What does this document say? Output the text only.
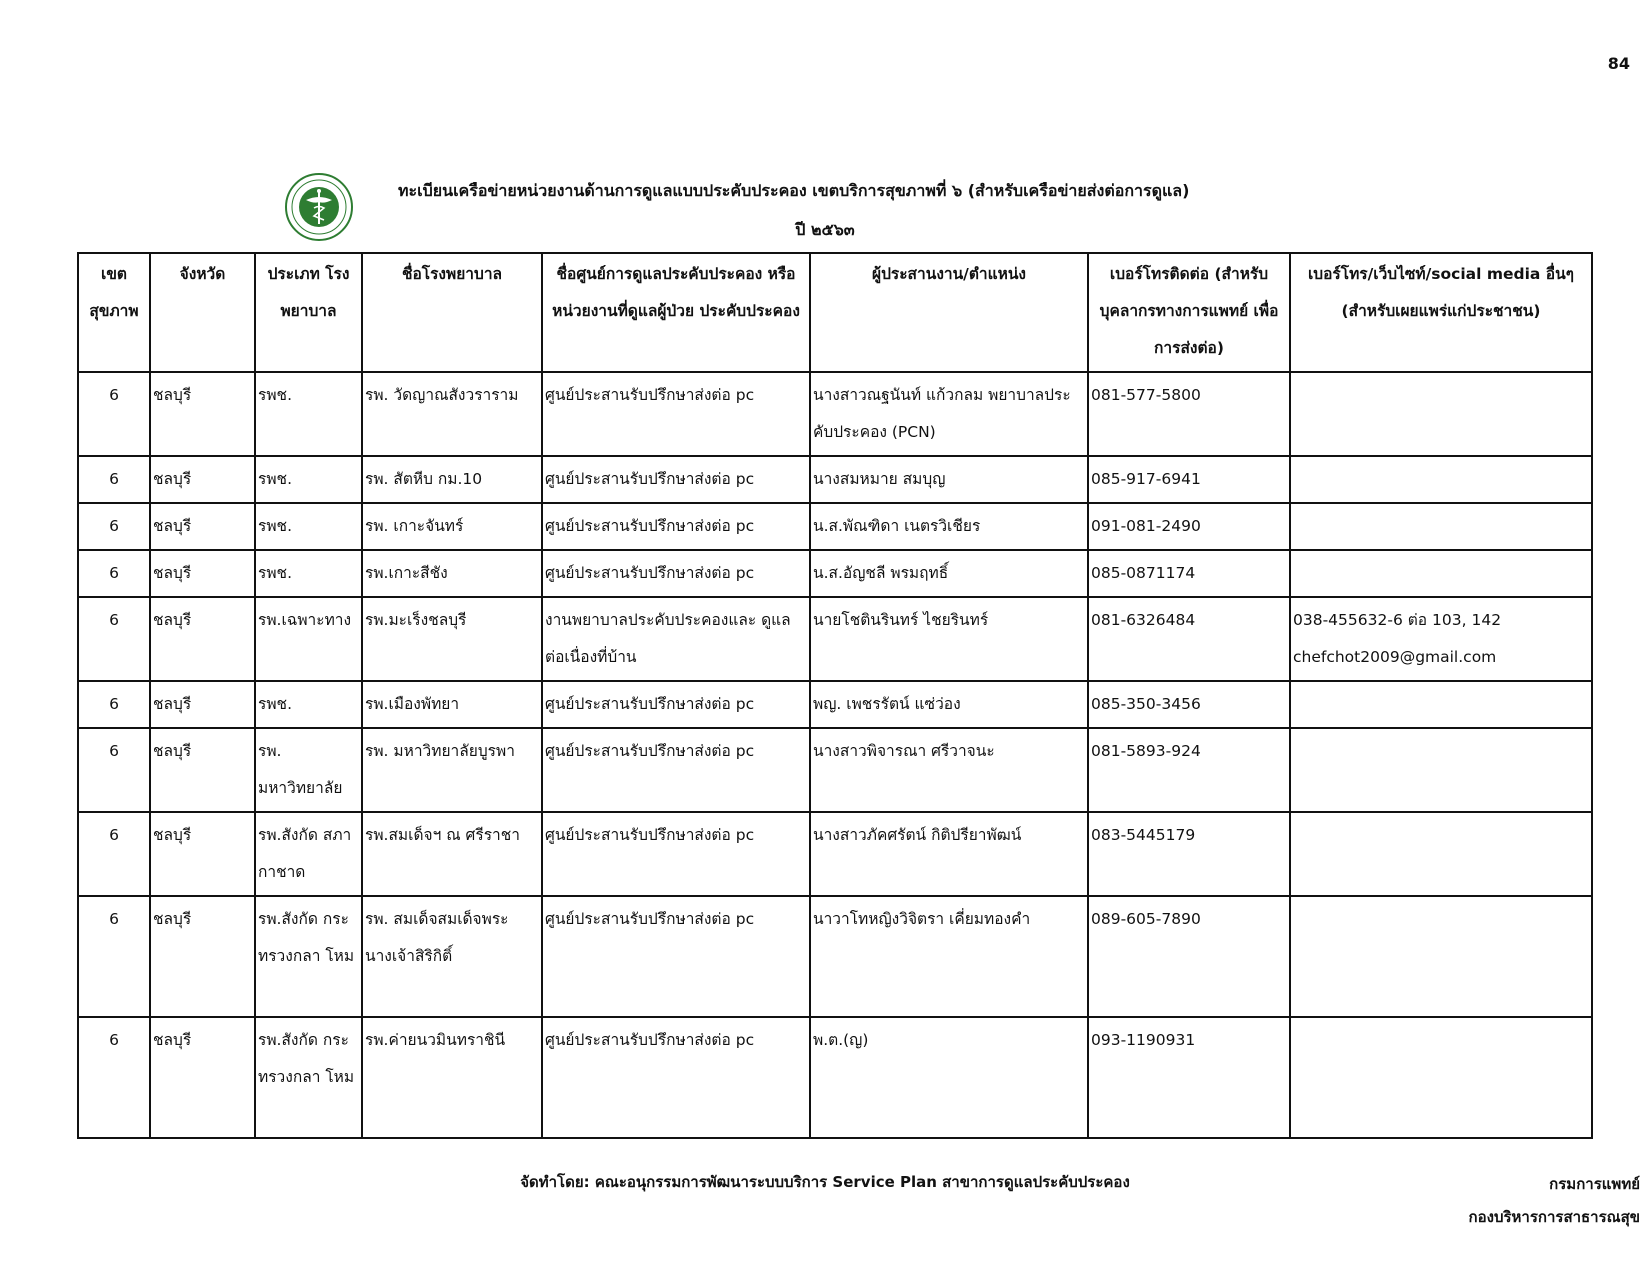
84
ทะเบียนเครือข่ายหน่วยงานด้านการดูแลแบบประคับประคอง เขตบริการสุขภาพที่ ๖ (สำหรับเครือข่ายส่งต่อการดูแล)
ปี ๒๕๖๓
เขต สุขภาพ	จังหวัด	ประเภท โรงพยาบาล	ชื่อโรงพยาบาล	ชื่อศูนย์การดูแลประคับประคอง หรือ หน่วยงานที่ดูแลผู้ป่วย ประคับประคอง	ผู้ประสานงาน/ตำแหน่ง	เบอร์โทรติดต่อ (สำหรับ บุคลากรทางการแพทย์ เพื่อการส่งต่อ)	เบอร์โทร/เว็บไซท์/social media อื่นๆ (สำหรับเผยแพร่แก่ประชาชน)
6	ชลบุรี	รพช.	รพ. วัดญาณสังวราราม	ศูนย์ประสานรับปรึกษาส่งต่อ pc	นางสาวณฐนันท์ แก้วกลม พยาบาลประคับประคอง (PCN)	081-577-5800	
6	ชลบุรี	รพช.	รพ. สัตหีบ กม.10	ศูนย์ประสานรับปรึกษาส่งต่อ pc	นางสมหมาย สมบุญ	085-917-6941	
6	ชลบุรี	รพช.	รพ. เกาะจันทร์	ศูนย์ประสานรับปรึกษาส่งต่อ pc	น.ส.พัณฑิดา เนตรวิเชียร	091-081-2490	
6	ชลบุรี	รพช.	รพ.เกาะสีชัง	ศูนย์ประสานรับปรึกษาส่งต่อ pc	น.ส.อัญชลี พรมฤทธิ์	085-0871174	
6	ชลบุรี	รพ.เฉพาะทาง	รพ.มะเร็งชลบุรี	งานพยาบาลประคับประคองและ ดูแลต่อเนื่องที่บ้าน	นายโชตินรินทร์ ไชยรินทร์	081-6326484	038-455632-6 ต่อ 103, 142 chefchot2009@gmail.com
6	ชลบุรี	รพช.	รพ.เมืองพัทยา	ศูนย์ประสานรับปรึกษาส่งต่อ pc	พญ. เพชรรัตน์ แซ่ว่อง	085-350-3456	
6	ชลบุรี	รพ. มหาวิทยาลัย	รพ. มหาวิทยาลัยบูรพา	ศูนย์ประสานรับปรึกษาส่งต่อ pc	นางสาวพิจารณา ศรีวาจนะ	081-5893-924	
6	ชลบุรี	รพ.สังกัด สภากาชาด	รพ.สมเด็จฯ ณ ศรีราชา	ศูนย์ประสานรับปรึกษาส่งต่อ pc	นางสาวภัคศรัตน์ กิติปรียาพัฒน์	083-5445179	
6	ชลบุรี	รพ.สังกัด กระทรวงกลา โหม	รพ. สมเด็จสมเด็จพระ นางเจ้าสิริกิติ์	ศูนย์ประสานรับปรึกษาส่งต่อ pc	นาวาโทหญิงวิจิตรา เคี่ยมทองคำ	089-605-7890	
6	ชลบุรี	รพ.สังกัด กระทรวงกลา โหม	รพ.ค่ายนวมินทราชินี	ศูนย์ประสานรับปรึกษาส่งต่อ pc	พ.ต.(ญ)	093-1190931	
จัดทำโดย: คณะอนุกรรมการพัฒนาระบบบริการ Service Plan สาขาการดูแลประคับประคอง	กรมการแพทย์
กองบริหารการสาธารณสุข
